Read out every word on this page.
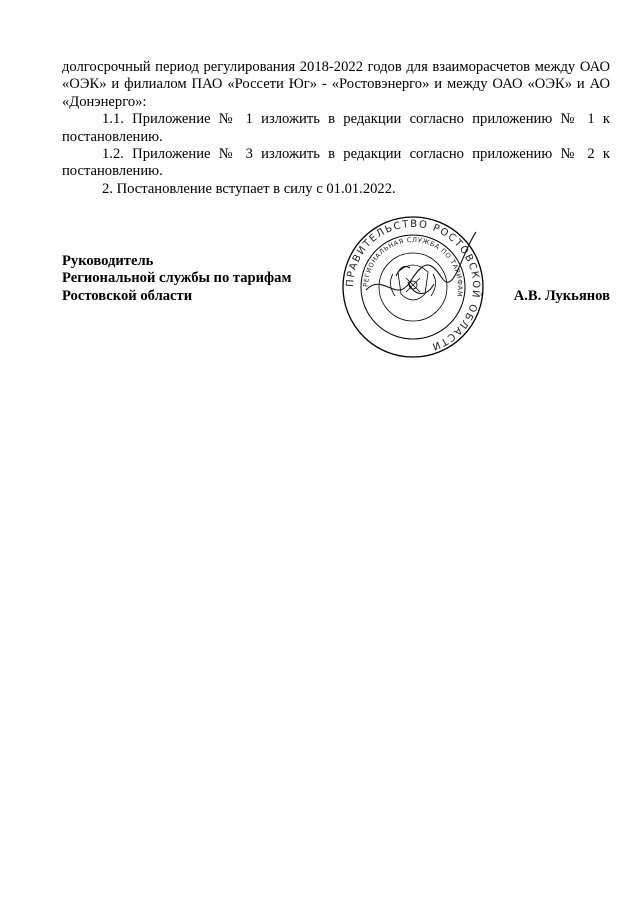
долгосрочный период регулирования 2018-2022 годов для взаиморасчетов между ОАО «ОЭК» и филиалом ПАО «Россети Юг» - «Ростовэнерго» и между ОАО «ОЭК» и АО «Донэнерго»:

1.1. Приложение № 1 изложить в редакции согласно приложению № 1 к постановлению.

1.2. Приложение № 3 изложить в редакции согласно приложению № 2 к постановлению.

2. Постановление вступает в силу с 01.01.2022.

Руководитель
Региональной службы по тарифам
Ростовской области
ПРАВИТЕЛЬСТВО РОСТОВСКОЙ ОБЛАСТИ
РЕГИОНАЛЬНАЯ СЛУЖБА ПО ТАРИФАМ	А.В. Лукьянов
